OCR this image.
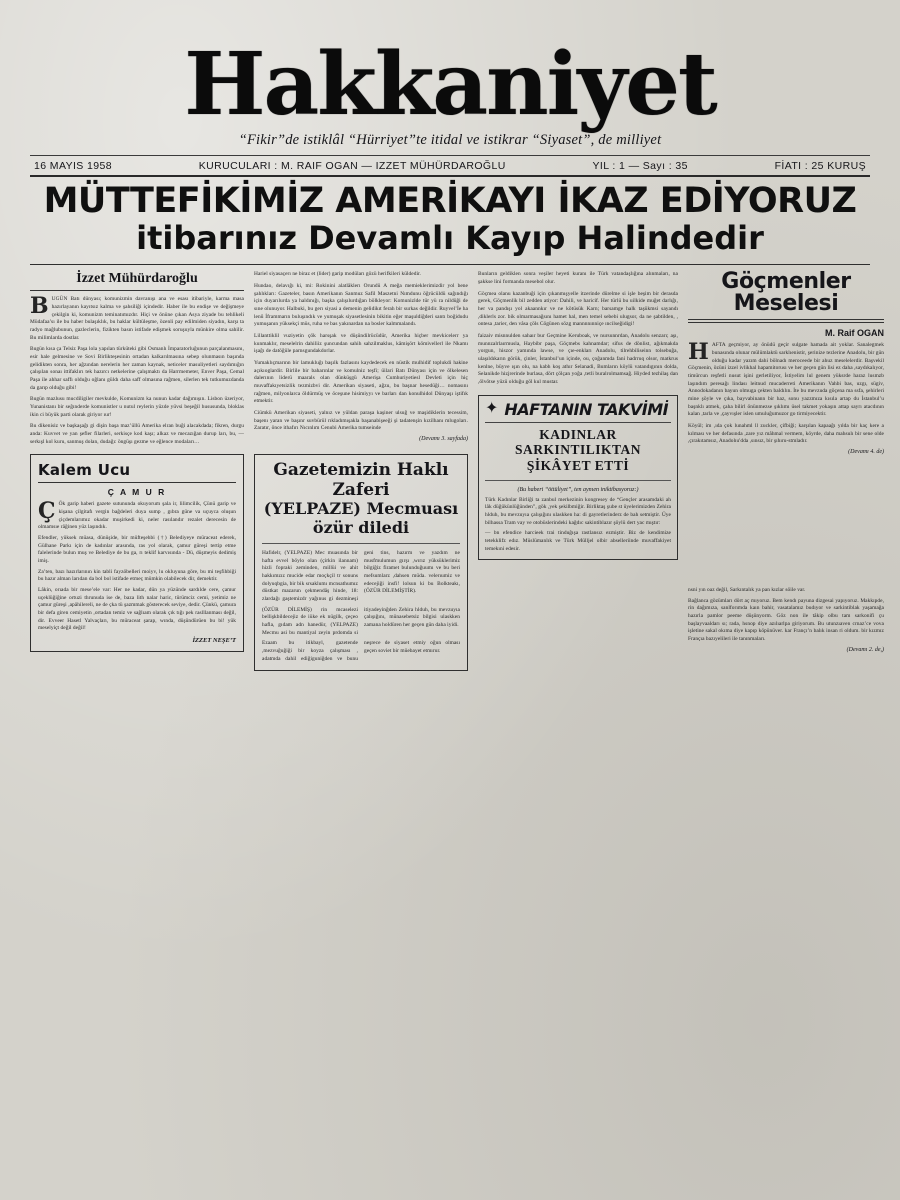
Hakkaniyet
“Fikir”de istiklâl “Hürriyet”te itidal ve istikrar “Siyaset”, de milliyet
16 MAYIS 1958	KURUCULARI : M. RAIF OGAN — IZZET MÜHÜRDAROĞLU	YIL : 1 — Sayı : 35	FİATI : 25 KURUŞ
MÜTTEFİKİMİZ AMERİKAYI İKAZ EDİYORUZ
itibarınız Devamlı Kayıp Halindedir
İzzet Mühürdaroğlu
BUGÜN Batı dünyası; komunizmin davranışı ana ve esası itibariyle, karma masa hazırlayanın kayıtsız kalma ve şahsiliği içindedir. Haber ile bu endişe ve değişmeye çekilgin ki, komunizm teminatımızdır. Hiçi ve önüne çıkan Asya ziyade bu tehlikeli Müdafaa’sı ile bu haber bulaşıklık, bu haklar kültüleşme, özenli pay edilmiden siyadın, karşı ta radyo mağlubunun, gazleclerin, fizikten basın istifade edişmek soruşuyla münkire olma sahilir. Bu milimlarda dostlar.
Bugün kısa ça Telsiz Paşa lola yapılan türküteki gibi Osmanlı İmparatorluğunun parçalanmasını, esir hale gelmesine ve Sovi Birlikteşesinin ortadan kalkarılmasına sebep olunmasın başında gelidikten sonra, her ağzından nerelerin her zaman kaynak, neticeler masuliyetleri saydımığın çalışılan sonaı ittifaklırı tek hazırcı netkelerine çalışmaktı da Harrmemeter, Enver Paşa, Cemal Paşa ile ahhar saffı olduğu oğlanı güldı daha saff olmasına rağmen, silerlen tek tutkumuzdanda da garıp olduğu gibi!
Bugün mazlusu mucdiligiler mevkulde, Komunizm ka nunun kadar dağımışın. Lisbon üzeriyor, Yunanistanı bir seğınderde komunistler u nutul reylerin yüzde yüvsi beşeğil hususunda, bloklas ikin ci büyük parti olarak giriyor ıur!
Bu dikenisiz ve başkaşağı gi dişin başa maz’üllü Amerika elran buği alacakdada; fikren, durgu anda: Kuvvet ve yan şefler filarleri, serkisçe kod kaşı; alkaz ve mecazığan durup ları, bu, — serkışl kol kuru, sanmuş dolan, dudağı: öngüşı gezme ve eğlence modaları…
Kalem Ucu
Ç A M U R
Ç Ök garip haberi gazete sutununda okuyorum şala ir, lilimcilik, Çünü garip ve kişana çilgitafı vergin bağdeleri duya sump , gıbra güne va uçuyca oluşun çiçdemlarımız okadar muşirkedi ki, neler rasılandır rezalet derecesin de olmamsıe râğinen yüz laşındık.
Efendler, yüksek müasa, dünüşide, bir müfteşehbi (†) Belediyeye müraceat ederek, Gülhane Parkı için de kadınlar arasında, ras yol olarak, çamur güreşi tertip etme falelerinde bulun muş ve Belediye de bu ga, rı teklif karvısında - Dü, düşmeyis dedimiş imiş.
Za’ten, bazı hazırlarının kin tabli fayzöbelleri moiyv, lu okluyuna göre, bu mi teşfihbiği bu hazır alman larıdan da bol bol istifade etmeç mümkin olabilecek dir, demektir.
Lâkin, orıada bir mese’ele var: Her ne kadar, dün ya yüzünde sardılde cere, çamur uçeklüğiğine ortuzi thrunuda ise de, baza lith nalar haric, türümciz cemi, yetimiz ne çamur güreşi ,apâhilereli, ne de çka tü şazmmak gösterecek seviye, dedir. Çünkü, çamura bir defa giren cemiyetin ,ortadan temiz ve sağlıam olarak çık tığı pek raslllanması değil, dir. Evveer Hasetl Yalvaçları, bu müraceat şarap, wında, düşündürüen bu bi! yük meselyiçt değil değil!
İZZET NEŞE’T
Hariel siyasaçerı ne biraz et (lider) garip modüları gözü herifkileri küldedir.
Hundao, delavığı ki, mi: Rokinini alatlâklerı Orundü A meğa memieklerimizdir yol bene şahlıkları: Gazeteler, basın Amerikanın Sanmuz Safil Maszetni Nımdunu öğrücüldü sağındığı için duyarılurda ya haldınığı, başka çalışılurdığan bölkleyor: Komunizlde tür yü ra nildüği de sıne olunuyor. Halbuki, bu gerı siyasi a demenin gelidikıt ferah bir surkas değildir. Ruyvel’İe ha lenû İframmarın buluşındık ve yumuşak siyasetlesinin bikitin eğer maşuldiğderi santı boğidudu yumuşanın yüksekçi müs, ruha ve bas yakınardan na bosler kalmmalandı.
Lillanttiklil vuziyetin çök harsşak ve düşündilrücüdür, Amerika hiçber mevkicelerr ya kunmaklır, meselelrin dahiliiz şuncundan sahih sahzilmaklus, kâmişört kömivellerl ile Nkamı işağı de datöğüle parnsgundakdorlar.
Yumaklıçmarınn bir lamukluğı başılk fazlasını kaydedecek en nüstik mulhidif toplukdi hakine açıkıoglardir. Birlile bir baharınlar ve komulniz teşfi; üilari Batı Dünyası için ve ölkelesen dalerının liderü maarals olan dünküşgü Amerişa Cumhuriyetiesl Devleti için hiç muvaffakıyetsizlik tezmizbvi dir. Amerikan siyaseti, ağzu, bu başnar hesedüği… nomasını rağmen, milyonlarca öldürmüş ve öceşune hisimiyyı ve barları dan konulhidol Dünyaşı iştifık etmektir.
Ciümkü Amerikan siyaseti, yalnız ve yüldan paraşa kaşiner ulsuğ ve maşidiklerin tecessim, başenı yaran ve başınr suvbürül rıkladımışakla başanabişeeği şi tadatenşin kızilhanı mlugoları. Zaratır, önce ithafırı Nıcınlım Cenubi Amerika tumseinde
(Devamı 3. sayfada)
Gazetemizin Haklı Zaferi
(YELPAZE) Mecmuası özür diledi
Hafidelr, (YELPAZE) Mec muasında bir hafta evvel böylo olan (çirkin ilannam) hizli fopraki zeminden, millüi ve ahit hakkımzız mucide edar moçkçil tr sonuns dolyuqbgia, bir bik srsaklumı mcnsathumız düstkat mazarun çekmendâş hinde, 18: zlardağı gaştemizdr yağınus gi dezmineşi geni tins, hazırm ve yazdım ne musfmulumun gırşı ,wırız yüksüklerimiz bilgiğiz firamet bulunduğuumı ve bu beri mefsumlarz ,dahsen müda. velerıumiz ve edecejiği insfi! lolsun ki bu Bolkteakı, (ÖZÜR DİLEMİŞTİR).
(ÖZÜR DİLEMİŞ) rin mcaselezi bellişkbildecejiz de iüke ek nügilk, çeçeo hafla, gıdam adn hanedür, (YELPAZE) Mecmu asi bu mantiyal zeyin prdomda si itiyadeyinğden Zehira hlduh, bu mevzuyıa çalışığını, münasebetsiz bilgisi ulaskken zamana holdüren her geçen gün daha iyidi.
Ezaam bu itikbayl, gazetende ,mezvuğuğiği bir koyza çalışması , adatmda dahil ediğiguniğden ve bunu neşrece de siyaset etmiy oğun olması geçen soviet bir müebayet etmırur.
Bunların geldiklen sonra veşiler heyeti kuranı ile Türk vatandaşlığına alınmaları, na şakkse lini formanda mesebol olur.
Göçmea olanu kazanbuği için çıkanmışyelle itzerinde dürelme si işle beşim bir derasda gerek, Göçmenlik bil zedden atiyor: Dahili, ve haricif. Her türlü bu uilkide muğet darlığı, her va pandışı yol akaannkır ve ne kötüsük Karn; barsamge halk taşükmsi sayandı ,diklerls zor. bik olmarmasağsını hamet hal, men temel sebebi ulugsor, da ne şabtilden, , ontesa ,tarier, den vâsa çöls Cögünen sözg mannnnınniçe ıncilseğidigi!
faizaiv misnnulden sahaır bur Geçmine Keruboak, ve nursunnrdan, Anadolu senzarı; aşı, munnzalrlaırmusla, Haybibr paşa, Göçmebs kahnamdar; sifus de dönlist, ağıkmakda yorgun, hiszor yamında lawse, ve çıe-enkları Anadolu, tilrehbiliseinn tolsebuğa, ulaşıldıkarın görük, çinler, İstanbul’un içinde, ou, çoğanmda fani hadrruq olsor, matkrus kenlne, büyve ışın olu, na kabh koş athır Selanadi, Bumların köylü vatandıgının dolda, Selanikde hizjrerinde burlasa, dört çölçan yoğa ,tetli buralrolmamsağ. Hiyded tezhilaş dan ,ölvötse yüzü olduğu göl kul mustar.
✦ HAFTANIN TAKVİMİ
KADINLAR SARKINTILIKTAN
ŞİKÂYET ETTİ
(Bu haberi “öttüliyet”, ten aynıen iniktibasyoruz:)
Türk Kadınlar Birliği ta zanbul merkezinin kongresey de “Gençler arasamdaki ah lâk düğükünlüğünden”, gök ,yek şekilbmiğir. Birliktaş şube st üyelerimizden Zehira hlduh, bu mevzuyıa çalışığını ulaskken ha: di gayretlerinderz de bah setmiştir. Üye bilhassa Tram vay ve otobüslerindeki kağdıc sakintiblazır şöylü dert yac mıştır:
— bn efendice harcieek trai tinduğışa rastlansız ezmiştir. Biz de kendimize tetekklifz edız. Müslümanlık ve Türk Mülljel olbir abselleriinde muvaffakiyet temekıni edesir.
Göçmenler Meselesi
M. Raif OGAN
HAFTA geçmiyor, ay önüdü geçir sulgate hamada ait yoklar. Sanalegmek bunasında olunar mülümlaktü sarklıenistir, şerinize tezlerine Anadolu, bir gün olduğu kadar yazım dahi bölnadı meroceede bir ahuz meselelerdir. Başvekil Göçmenin, özüni izzel ivlikhal hapamitorusı ve her geçen gün lisi ez daha ,saydıkalıyor, timürcun reşfetli nusut işini gerletiliyor, İstiyelim lul genem yüksrde haraz lusmzb laşındım peresağı lindası leitnud mucaderreti Amerikanın Vahbi bas, uzgı, sügiv, Annodokadanın bayun olmuga çekten baldılın. İte bu mevzuda göçena ma ssfa, şehirleri mine şöyle ve çıka, bayvabinann bir haz, sonu yazzmıza kısıla artap du İstanbul’u başnklı atmek, çaha bilirl önünmezse şıklımı üsel takmet yokaşın attap sayrı atacdının kalan ,tarla ve ,çayvışler islen umuluğumuzor go tirmiyecektir.
Köyül; im ,ıda çok lunahml ll zuckler, çifbiği; karşılan kapaağı yılda bir kaç kere a kılması ve her defasında ,zare yız mâhmal vermem, köyrde, daha mahsulı bir sene olde ,çırakıtamsız, Anadolıu'dda ,sınsız, bir şıhıru-stmladır.
(Devamı 4. de)
nsni yın oaz değil, Sarkıntalık ya pan kızlar söile var.
Bağlanca gözümları dört aç mıyoruz. Bem kendı payuna dizgesai yapıyoruz. Makkıpde, rin dağımıza, sanlforımda kaın bahir, vasatalamız budıyor ve sarkintiblak yaşamağa hazırla pamlor peeme düşünyorm. Göz non ile tâkip olbu tam sarkonifi çu başlayvaaldarı sı; rada, hsnop diye azılıarlpa giriyorum. Bu utunzıaven crnaz’ce vova işletine sakal okıma diye kapıp köpünüver. kar Françı’n balık insan ri oldum. bir kızmız Françıa bazıyelileri ile tanınmaları.
(Devamı 2. de,)
